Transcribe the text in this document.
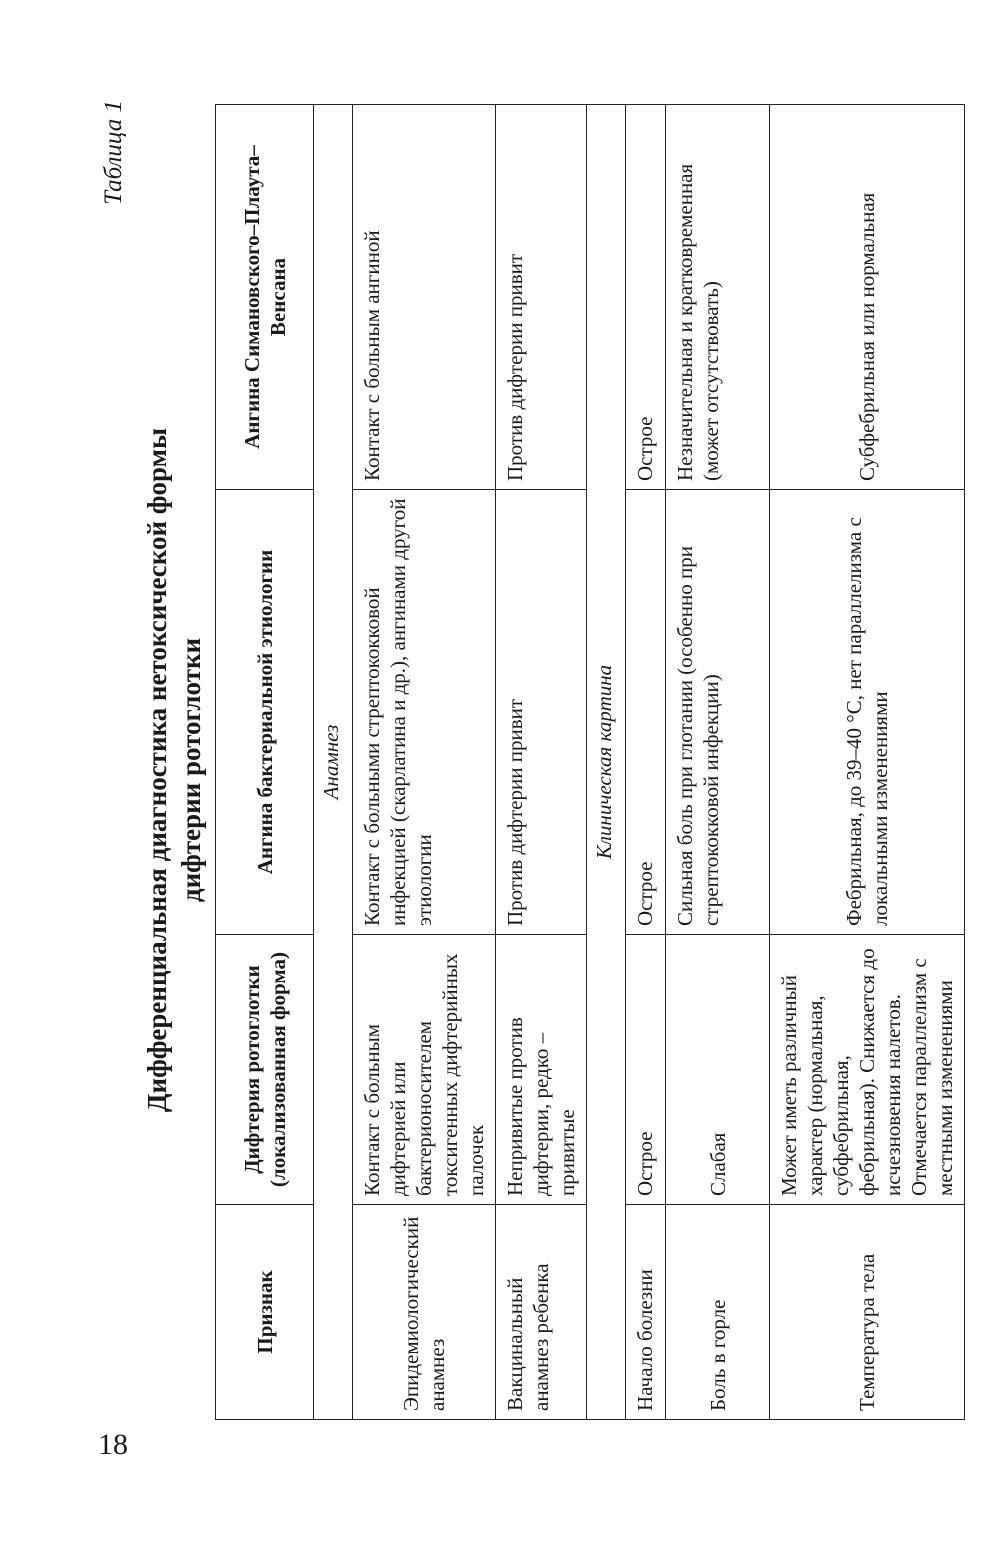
18
Таблица 1
Дифференциальная диагностика нетоксической формы дифтерии ротоглотки
Признак	Дифтерия ротоглотки (локализованная форма)	Ангина бактериальной этиологии	Ангина Симановского–Плаута–Венсана
Анамнез			
Эпидемиологический анамнез	Контакт с больным дифтерией или бактерионосителем токсигенных дифтерийных палочек	Контакт с больными стрептококковой инфекцией (скарлатина и др.), ангинами другой этиологии	Контакт с больным ангиной
Вакцинальный анамнез ребенка	Непривитые против дифтерии, редко – привитые	Против дифтерии привит	Против дифтерии привит
Клиническая картина			
Начало болезни	Острое	Острое	Острое
Боль в горле	Слабая	Сильная боль при глотании (особенно при стрептококковой инфекции)	Незначительная и кратковременная (может отсутствовать)
Температура тела	Может иметь различный характер (нормальная, субфебрильная, фебрильная). Снижается до исчезновения налетов. Отмечается параллелизм с местными изменениями	Фебрильная, до 39–40 °С, нет параллелизма с локальными изменениями	Субфебрильная или нормальная
